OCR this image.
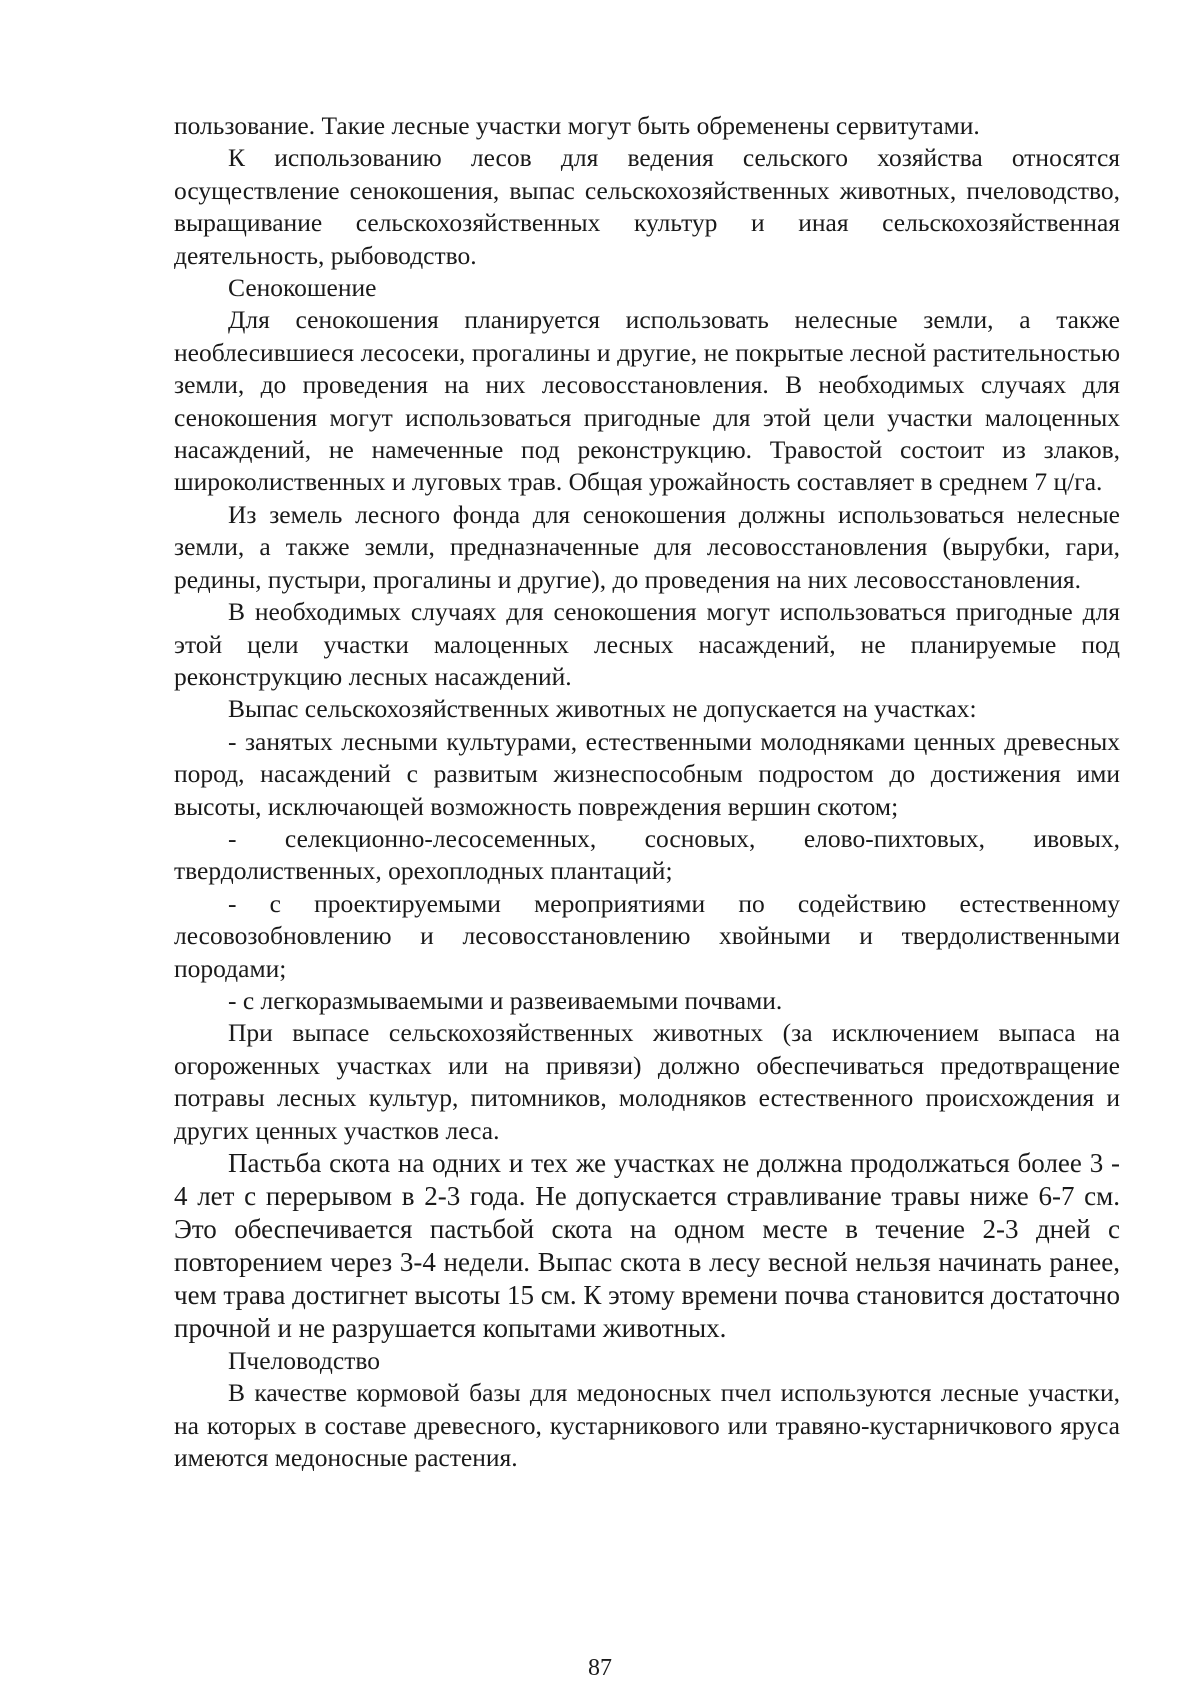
пользование. Такие лесные участки могут быть обременены сервитутами.

К использованию лесов для ведения сельского хозяйства относятся осуществление сенокошения, выпас сельскохозяйственных животных, пчеловодство, выращивание сельскохозяйственных культур и иная сельскохозяйственная деятельность, рыбоводство.

Сенокошение

Для сенокошения планируется использовать нелесные земли, а также необлесившиеся лесосеки, прогалины и другие, не покрытые лесной растительностью земли, до проведения на них лесовосстановления. В необходимых случаях для сенокошения могут использоваться пригодные для этой цели участки малоценных насаждений, не намеченные под реконструкцию. Травостой состоит из злаков, широколиственных и луговых трав. Общая урожайность составляет в среднем 7 ц/га.

Из земель лесного фонда для сенокошения должны использоваться нелесные земли, а также земли, предназначенные для лесовосстановления (вырубки, гари, редины, пустыри, прогалины и другие), до проведения на них лесовосстановления.

В необходимых случаях для сенокошения могут использоваться пригодные для этой цели участки малоценных лесных насаждений, не планируемые под реконструкцию лесных насаждений.

Выпас сельскохозяйственных животных не допускается на участках:

- занятых лесными культурами, естественными молодняками ценных древесных пород, насаждений с развитым жизнеспособным подростом до достижения ими высоты, исключающей возможность повреждения вершин скотом;

- селекционно-лесосеменных, сосновых, елово-пихтовых, ивовых, твердолиственных, орехоплодных плантаций;

- с проектируемыми мероприятиями по содействию естественному лесовозобновлению и лесовосстановлению хвойными и твердолиственными породами;

- с легкоразмываемыми и развеиваемыми почвами.

При выпасе сельскохозяйственных животных (за исключением выпаса на огороженных участках или на привязи) должно обеспечиваться предотвращение потравы лесных культур, питомников, молодняков естественного происхождения и других ценных участков леса.

Пастьба скота на одних и тех же участках не должна продолжаться более 3 - 4 лет с перерывом в 2-3 года. Не допускается стравливание травы ниже 6-7 см. Это обеспечивается пастьбой скота на одном месте в течение 2-3 дней с повторением через 3-4 недели. Выпас скота в лесу весной нельзя начинать ранее, чем трава достигнет высоты 15 см. К этому времени почва становится достаточно прочной и не разрушается копытами животных.

Пчеловодство

В качестве кормовой базы для медоносных пчел используются лесные участки, на которых в составе древесного, кустарникового или травяно-кустарничкового яруса имеются медоносные растения.

87
